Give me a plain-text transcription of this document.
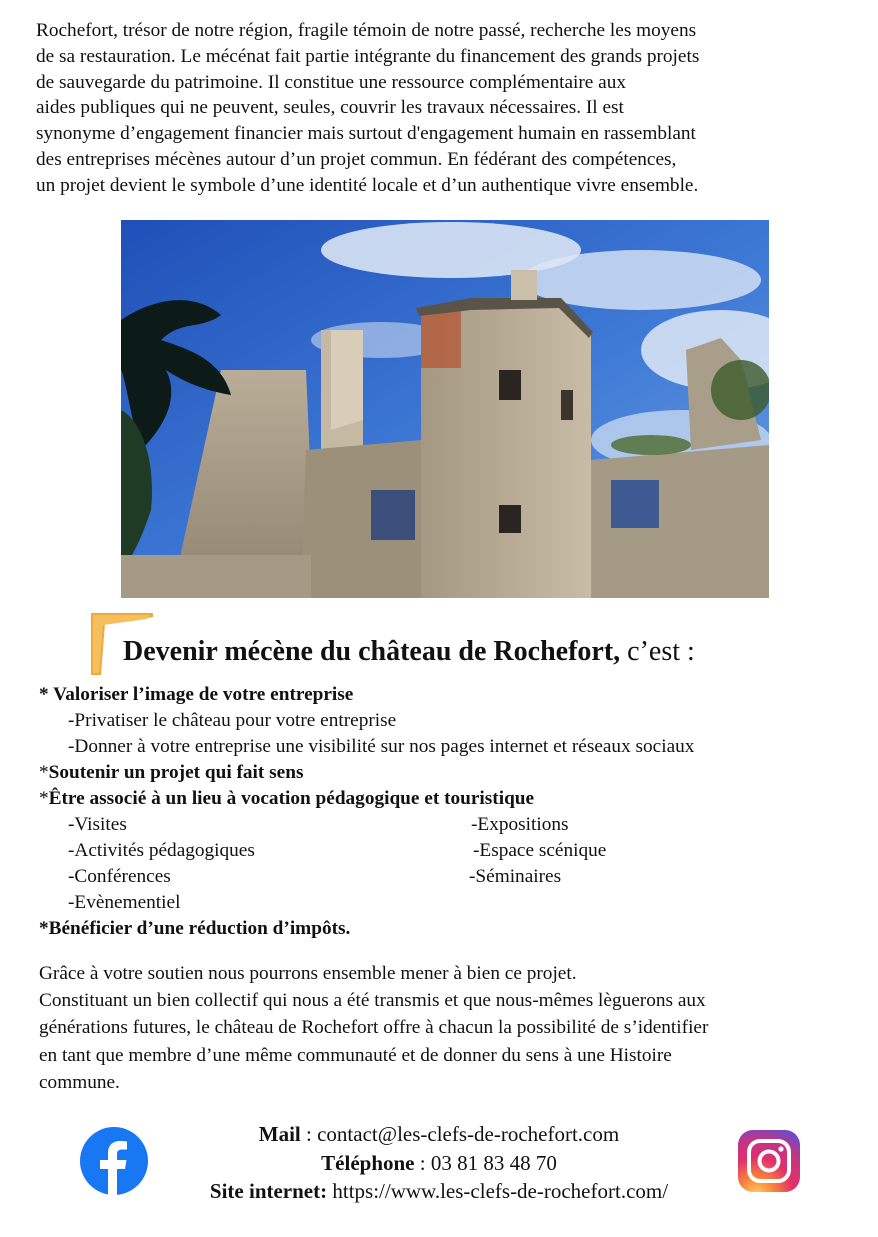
Rochefort, trésor de notre région, fragile témoin de notre passé, recherche les moyens
de sa restauration. Le mécénat fait partie intégrante du financement des grands projets
de sauvegarde du patrimoine. Il constitue une ressource complémentaire aux
aides publiques qui ne peuvent, seules, couvrir les travaux nécessaires. Il est
synonyme d’engagement financier mais surtout d'engagement humain en rassemblant
des entreprises mécènes autour d’un projet commun. En fédérant des compétences,
un projet devient le symbole d’une identité locale et d’un authentique vivre ensemble.

Devenir mécène du château de Rochefort, c’est :

* Valoriser l’image de votre entreprise
-Privatiser le château pour votre entreprise
-Donner à votre entreprise une visibilité sur nos pages internet et réseaux sociaux
*Soutenir un projet qui fait sens
*Être associé à un lieu à vocation pédagogique et touristique
-Visites
-Activités pédagogiques
-Conférences
-Evènementiel
-Expositions
-Espace scénique
-Séminaires
*Bénéficier d’une réduction d’impôts.

Grâce à votre soutien nous pourrons ensemble mener à bien ce projet.
Constituant un bien collectif qui nous a été transmis et que nous-mêmes lèguerons aux
générations futures, le château de Rochefort offre à chacun la possibilité de s’identifier
en tant que membre d’une même communauté et de donner du sens à une Histoire
commune.

Mail : contact@les-clefs-de-rochefort.com
Téléphone : 03 81 83 48 70
Site internet: https://www.les-clefs-de-rochefort.com/
